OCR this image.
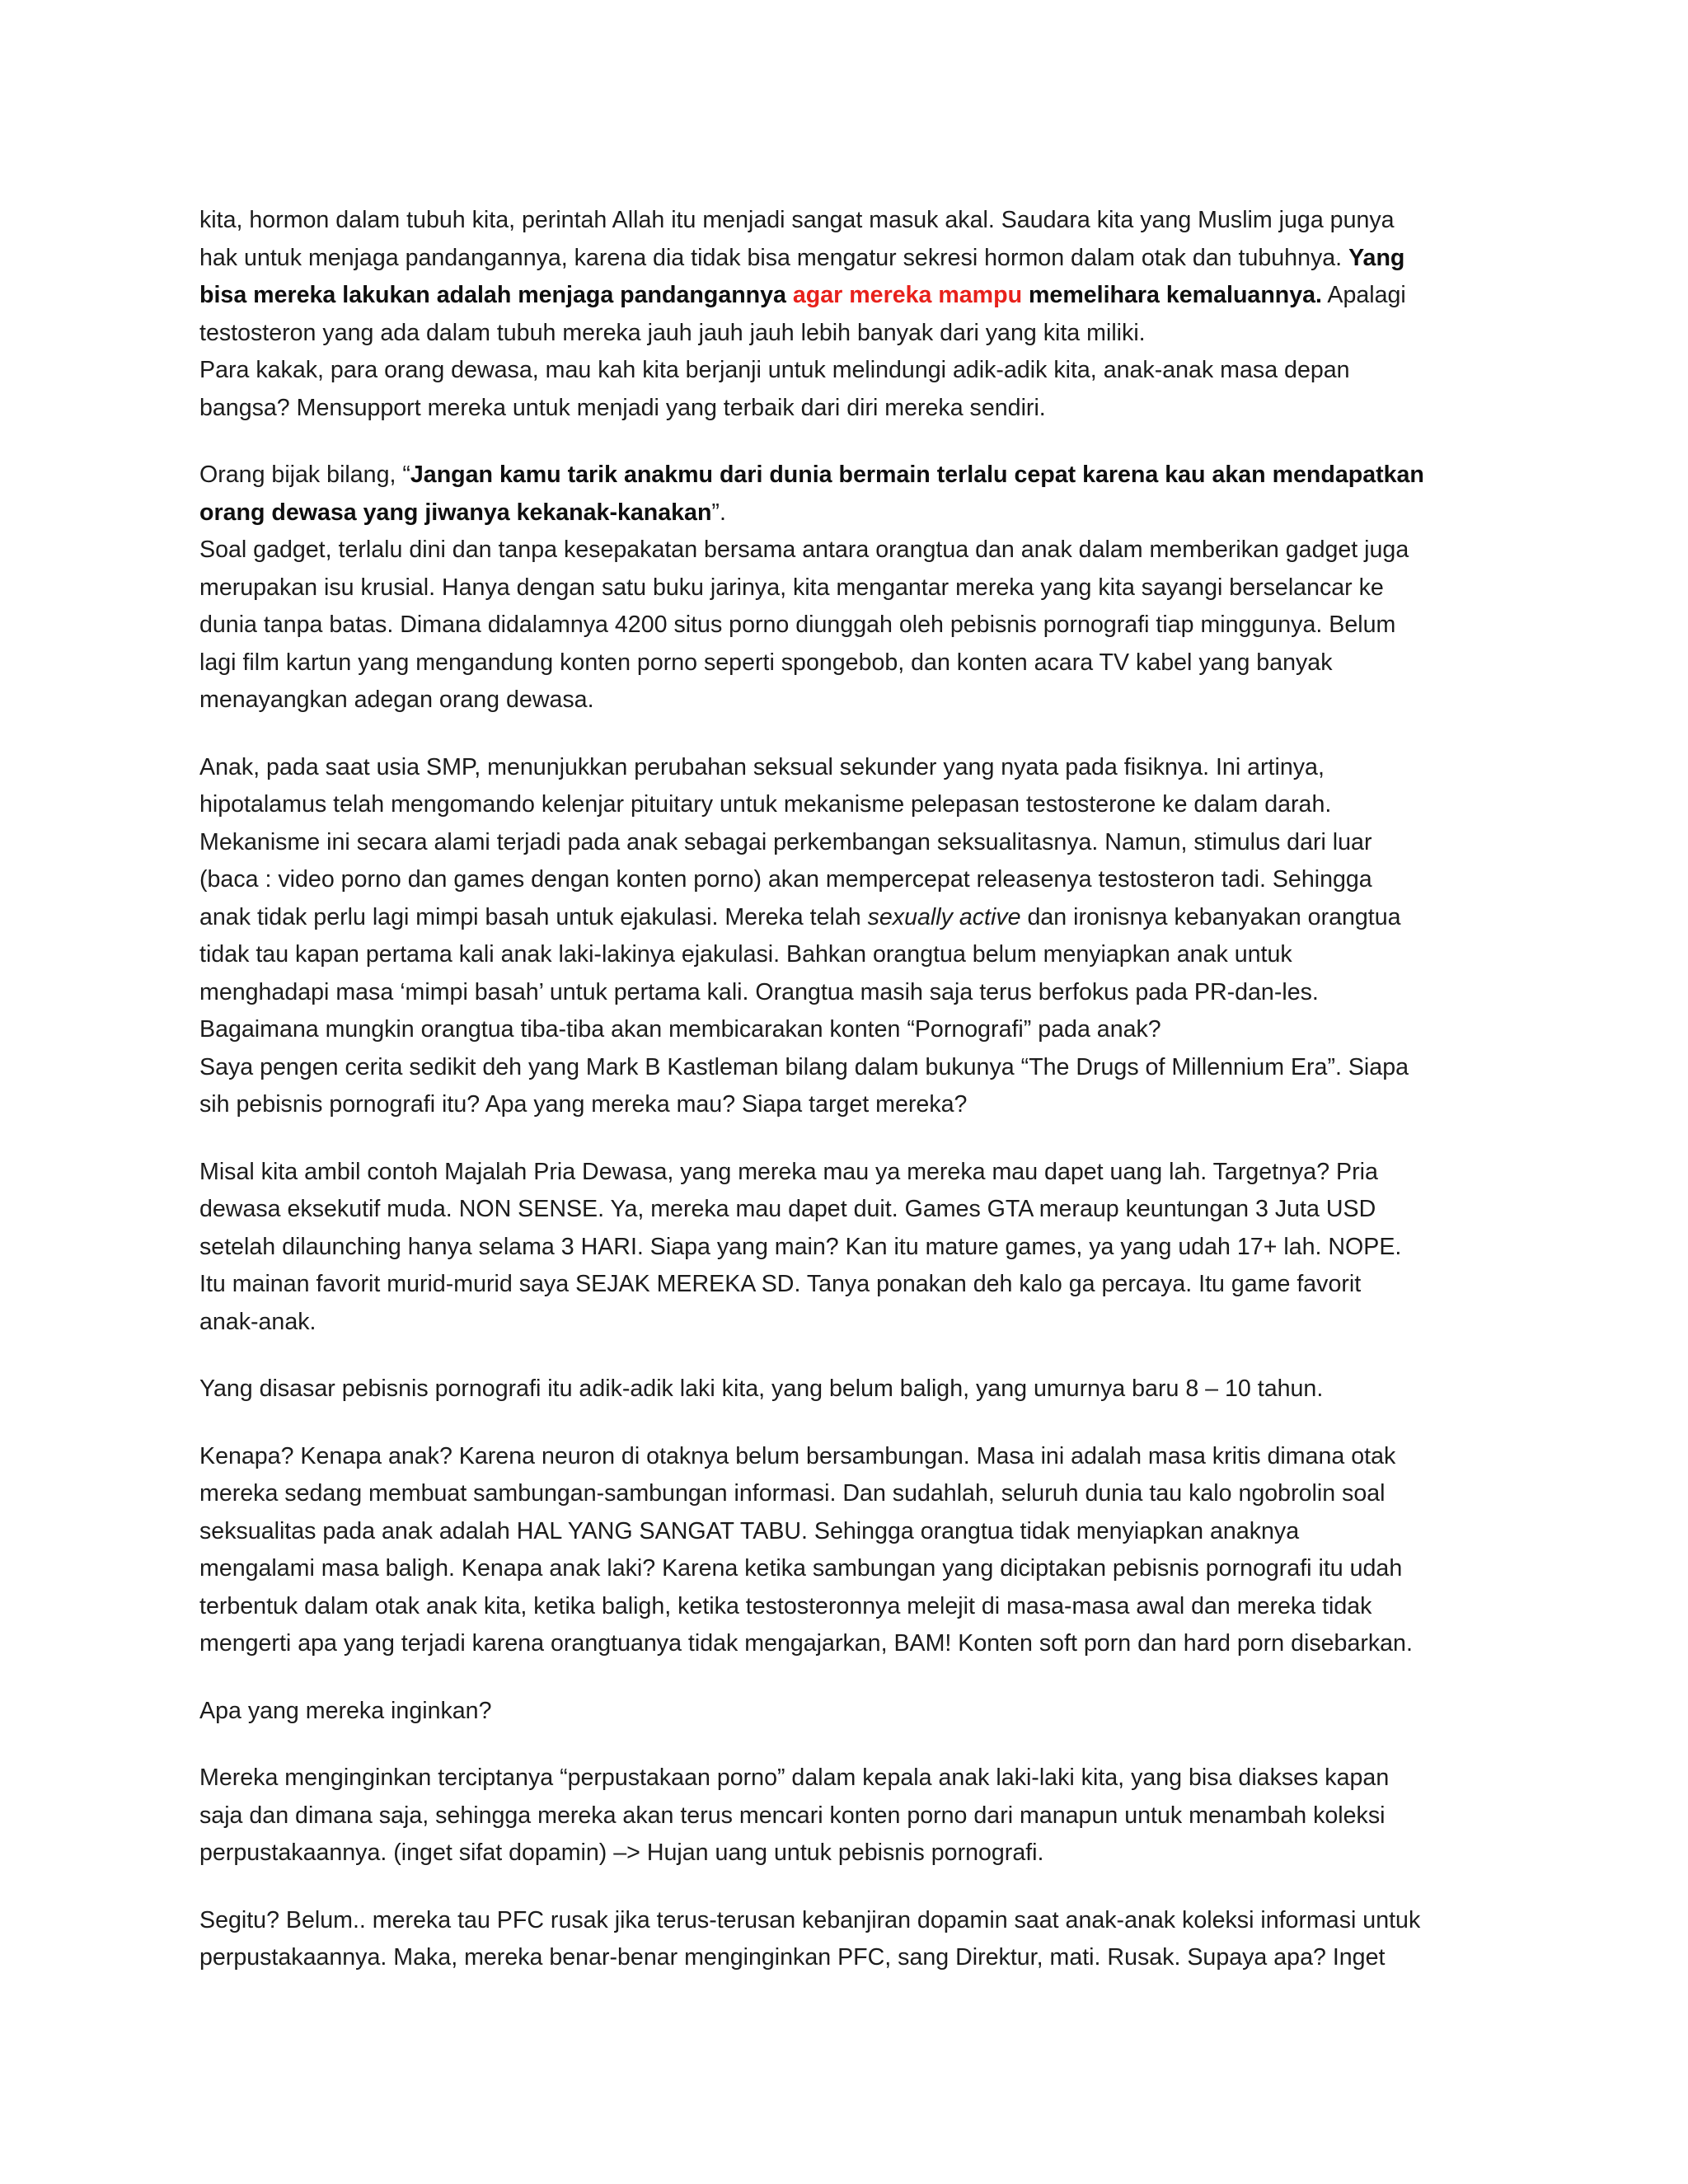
kita, hormon dalam tubuh kita, perintah Allah itu menjadi sangat masuk akal. Saudara kita yang Muslim juga punya
hak untuk menjaga pandangannya, karena dia tidak bisa mengatur sekresi hormon dalam otak dan tubuhnya. Yang
bisa mereka lakukan adalah menjaga pandangannya agar mereka mampu memelihara kemaluannya. Apalagi
testosteron yang ada dalam tubuh mereka jauh jauh jauh lebih banyak dari yang kita miliki.

Para kakak, para orang dewasa, mau kah kita berjanji untuk melindungi adik-adik kita, anak-anak masa depan
bangsa? Mensupport mereka untuk menjadi yang terbaik dari diri mereka sendiri.

Orang bijak bilang, “Jangan kamu tarik anakmu dari dunia bermain terlalu cepat karena kau akan mendapatkan
orang dewasa yang jiwanya kekanak-kanakan”.

Soal gadget, terlalu dini dan tanpa kesepakatan bersama antara orangtua dan anak dalam memberikan gadget juga
merupakan isu krusial. Hanya dengan satu buku jarinya, kita mengantar mereka yang kita sayangi berselancar ke
dunia tanpa batas. Dimana didalamnya 4200 situs porno diunggah oleh pebisnis pornografi tiap minggunya. Belum
lagi film kartun yang mengandung konten porno seperti spongebob, dan konten acara TV kabel yang banyak
menayangkan adegan orang dewasa.

Anak, pada saat usia SMP, menunjukkan perubahan seksual sekunder yang nyata pada fisiknya. Ini artinya,
hipotalamus telah mengomando kelenjar pituitary untuk mekanisme pelepasan testosterone ke dalam darah.
Mekanisme ini secara alami terjadi pada anak sebagai perkembangan seksualitasnya. Namun, stimulus dari luar
(baca : video porno dan games dengan konten porno) akan mempercepat releasenya testosteron tadi. Sehingga
anak tidak perlu lagi mimpi basah untuk ejakulasi. Mereka telah sexually active dan ironisnya kebanyakan orangtua
tidak tau kapan pertama kali anak laki-lakinya ejakulasi. Bahkan orangtua belum menyiapkan anak untuk
menghadapi masa ‘mimpi basah’ untuk pertama kali. Orangtua masih saja terus berfokus pada PR-dan-les.
Bagaimana mungkin orangtua tiba-tiba akan membicarakan konten “Pornografi” pada anak?

Saya pengen cerita sedikit deh yang Mark B Kastleman bilang dalam bukunya “The Drugs of Millennium Era”. Siapa
sih pebisnis pornografi itu? Apa yang mereka mau? Siapa target mereka?

Misal kita ambil contoh Majalah Pria Dewasa, yang mereka mau ya mereka mau dapet uang lah. Targetnya? Pria
dewasa eksekutif muda. NON SENSE. Ya, mereka mau dapet duit. Games GTA meraup keuntungan 3 Juta USD
setelah dilaunching hanya selama 3 HARI. Siapa yang main? Kan itu mature games, ya yang udah 17+ lah. NOPE.
Itu mainan favorit murid-murid saya SEJAK MEREKA SD. Tanya ponakan deh kalo ga percaya. Itu game favorit
anak-anak.

Yang disasar pebisnis pornografi itu adik-adik laki kita, yang belum baligh, yang umurnya baru 8 – 10 tahun.

Kenapa? Kenapa anak? Karena neuron di otaknya belum bersambungan. Masa ini adalah masa kritis dimana otak
mereka sedang membuat sambungan-sambungan informasi. Dan sudahlah, seluruh dunia tau kalo ngobrolin soal
seksualitas pada anak adalah HAL YANG SANGAT TABU. Sehingga orangtua tidak menyiapkan anaknya
mengalami masa baligh. Kenapa anak laki? Karena ketika sambungan yang diciptakan pebisnis pornografi itu udah
terbentuk dalam otak anak kita, ketika baligh, ketika testosteronnya melejit di masa-masa awal dan mereka tidak
mengerti apa yang terjadi karena orangtuanya tidak mengajarkan, BAM! Konten soft porn dan hard porn disebarkan.

Apa yang mereka inginkan?

Mereka menginginkan terciptanya “perpustakaan porno” dalam kepala anak laki-laki kita, yang bisa diakses kapan
saja dan dimana saja, sehingga mereka akan terus mencari konten porno dari manapun untuk menambah koleksi
perpustakaannya. (inget sifat dopamin) –> Hujan uang untuk pebisnis pornografi.

Segitu? Belum.. mereka tau PFC rusak jika terus-terusan kebanjiran dopamin saat anak-anak koleksi informasi untuk
perpustakaannya. Maka, mereka benar-benar menginginkan PFC, sang Direktur, mati. Rusak. Supaya apa? Inget
